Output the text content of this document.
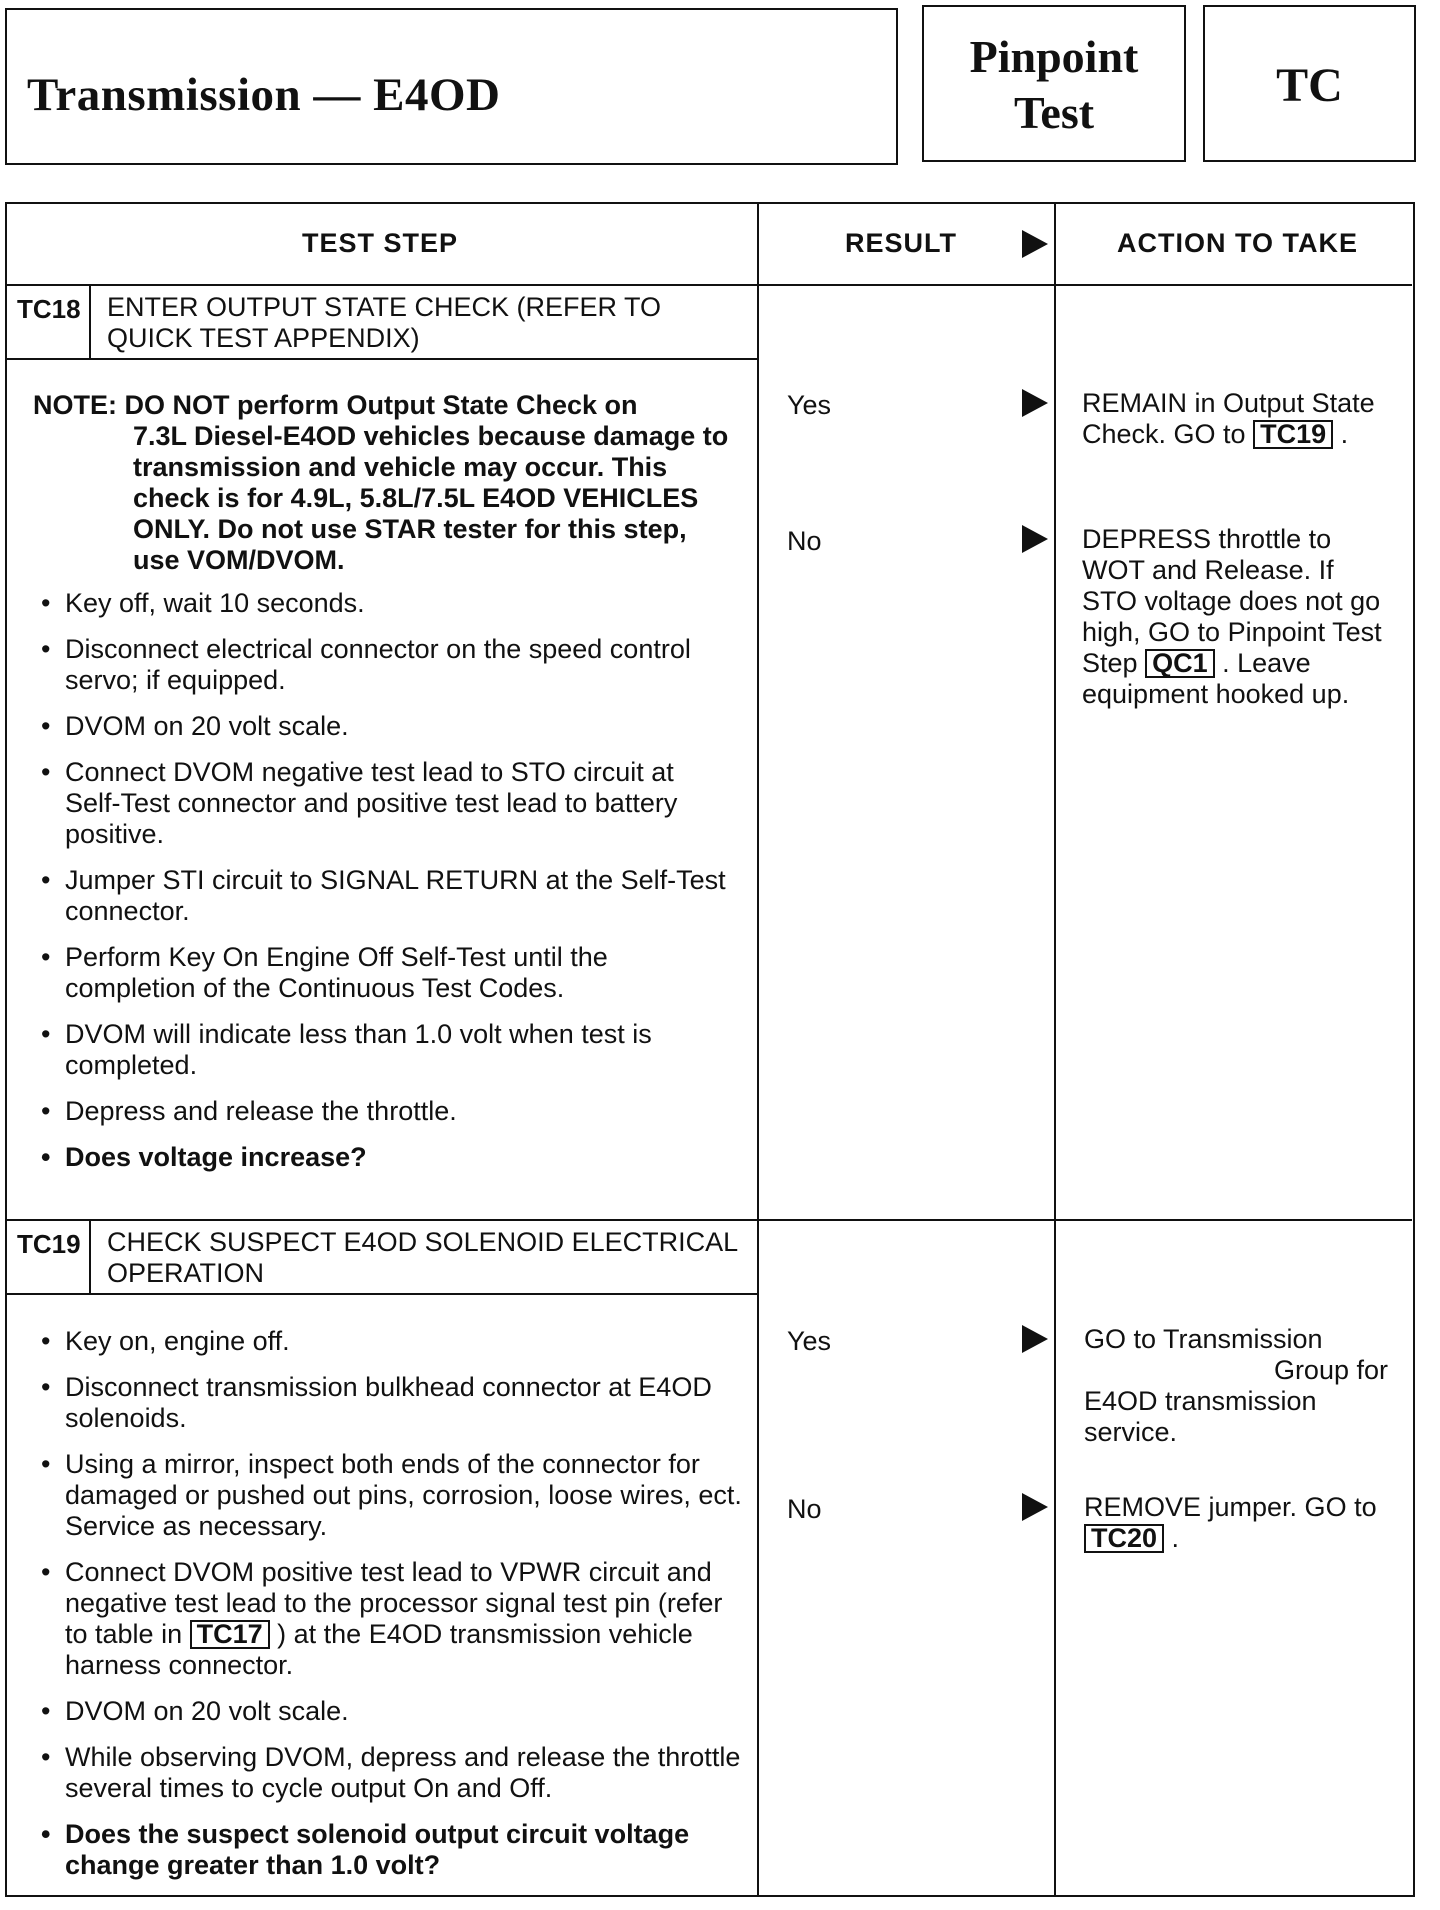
Transmission — E4OD
Pinpoint
Test
TC
TEST STEP	RESULT	ACTION TO TAKE
TC18 ENTER OUTPUT STATE CHECK (REFER TO QUICK TEST APPENDIX)
NOTE: DO NOT perform Output State Check on
7.3L Diesel-E4OD vehicles because damage to transmission and vehicle may occur. This check is for 4.9L, 5.8L/7.5L E4OD VEHICLES ONLY. Do not use STAR tester for this step, use VOM/DVOM.
• Key off, wait 10 seconds.
• Disconnect electrical connector on the speed control servo; if equipped.
• DVOM on 20 volt scale.
• Connect DVOM negative test lead to STO circuit at Self-Test connector and positive test lead to battery positive.
• Jumper STI circuit to SIGNAL RETURN at the Self-Test connector.
• Perform Key On Engine Off Self-Test until the completion of the Continuous Test Codes.
• DVOM will indicate less than 1.0 volt when test is completed.
• Depress and release the throttle.
• Does voltage increase?
Yes
No
REMAIN in Output State Check. GO to TC19 .
DEPRESS throttle to WOT and Release. If STO voltage does not go high, GO to Pinpoint Test Step QC1 . Leave equipment hooked up.
TC19 CHECK SUSPECT E4OD SOLENOID ELECTRICAL OPERATION
• Key on, engine off.
• Disconnect transmission bulkhead connector at E4OD solenoids.
• Using a mirror, inspect both ends of the connector for damaged or pushed out pins, corrosion, loose wires, ect. Service as necessary.
• Connect DVOM positive test lead to VPWR circuit and negative test lead to the processor signal test pin (refer to table in TC17 ) at the E4OD transmission vehicle harness connector.
• DVOM on 20 volt scale.
• While observing DVOM, depress and release the throttle several times to cycle output On and Off.
• Does the suspect solenoid output circuit voltage change greater than 1.0 volt?
Yes
No
GO to Transmission
Group for
E4OD transmission service.
REMOVE jumper. GO to TC20 .
